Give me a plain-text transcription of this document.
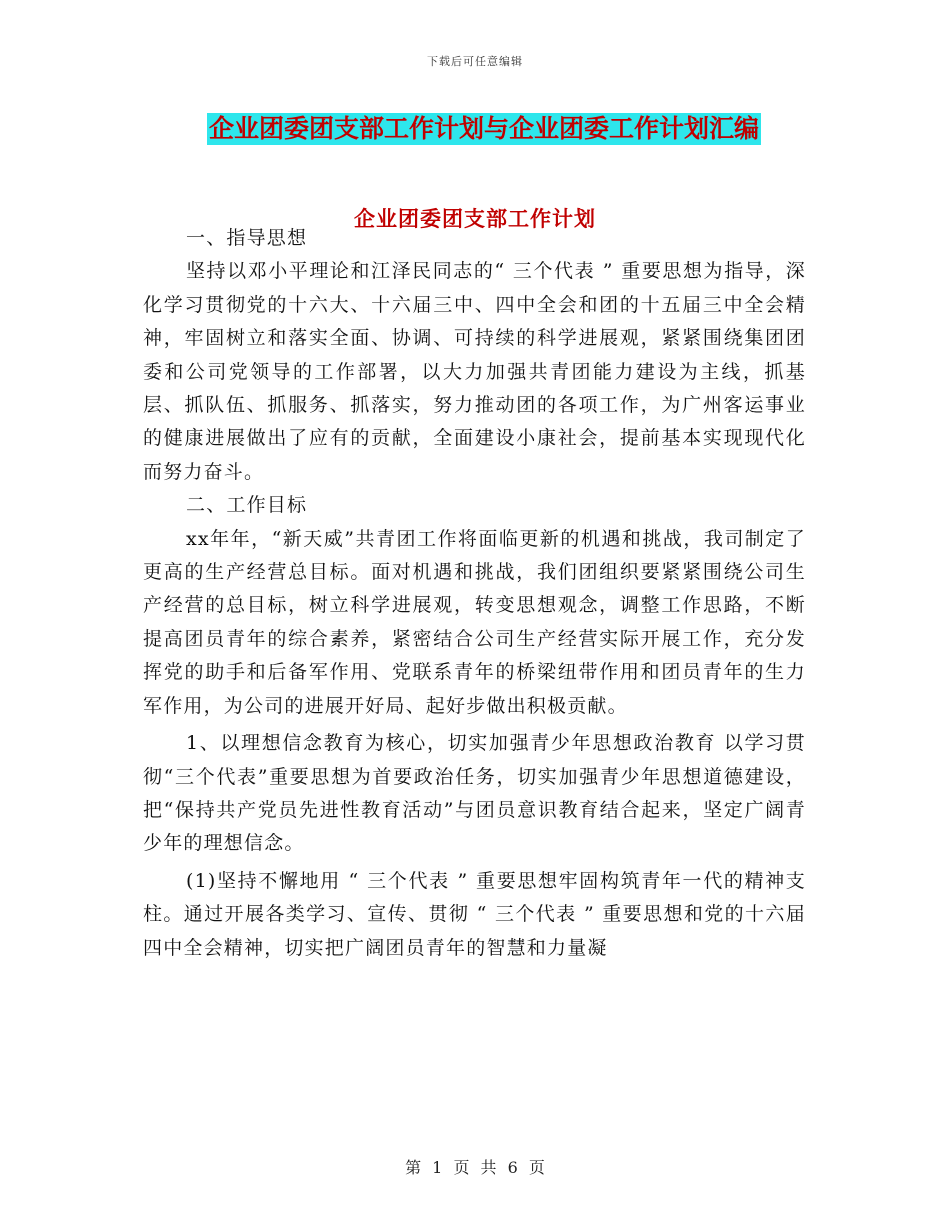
下载后可任意编辑
企业团委团支部工作计划与企业团委工作计划汇编
企业团委团支部工作计划

一、指导思想

坚持以邓小平理论和江泽民同志的“ 三个代表 ” 重要思想为指导，深化学习贯彻党的十六大、十六届三中、四中全会和团的十五届三中全会精神，牢固树立和落实全面、协调、可持续的科学进展观，紧紧围绕集团团委和公司党领导的工作部署，以大力加强共青团能力建设为主线，抓基层、抓队伍、抓服务、抓落实，努力推动团的各项工作，为广州客运事业的健康进展做出了应有的贡献，全面建设小康社会，提前基本实现现代化而努力奋斗。

二、工作目标

xx年年，“新天威”共青团工作将面临更新的机遇和挑战，我司制定了更高的生产经营总目标。面对机遇和挑战，我们团组织要紧紧围绕公司生产经营的总目标，树立科学进展观，转变思想观念，调整工作思路，不断提高团员青年的综合素养，紧密结合公司生产经营实际开展工作，充分发挥党的助手和后备军作用、党联系青年的桥梁纽带作用和团员青年的生力军作用，为公司的进展开好局、起好步做出积极贡献。

1、以理想信念教育为核心，切实加强青少年思想政治教育 以学习贯彻“三个代表”重要思想为首要政治任务，切实加强青少年思想道德建设，把“保持共产党员先进性教育活动”与团员意识教育结合起来，坚定广阔青少年的理想信念。

(1)坚持不懈地用 “ 三个代表 ” 重要思想牢固构筑青年一代的精神支柱。通过开展各类学习、宣传、贯彻 “ 三个代表 ” 重要思想和党的十六届四中全会精神，切实把广阔团员青年的智慧和力量凝

第 1 页 共 6 页
